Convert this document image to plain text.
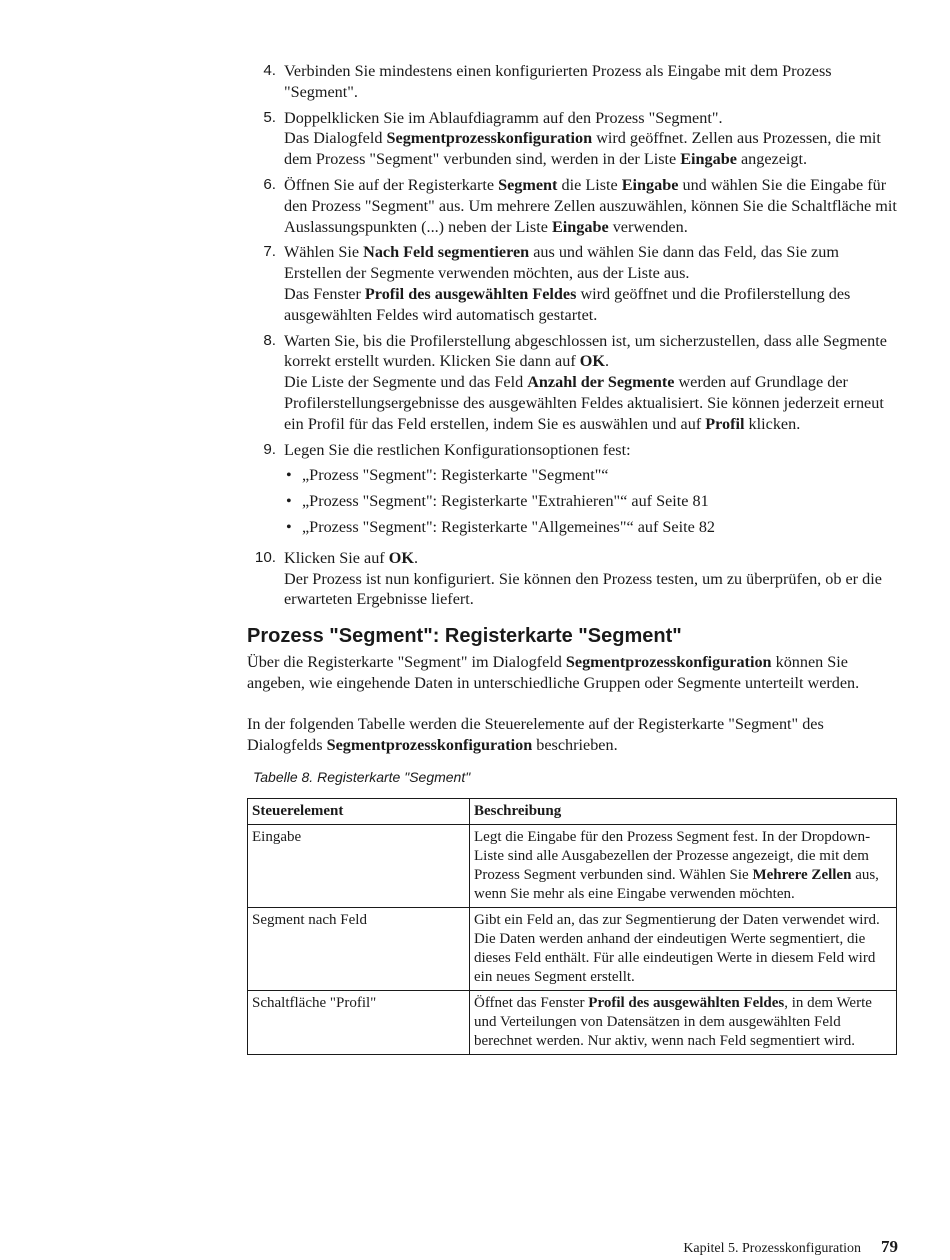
4. Verbinden Sie mindestens einen konfigurierten Prozess als Eingabe mit dem Prozess "Segment".

5. Doppelklicken Sie im Ablaufdiagramm auf den Prozess "Segment".

Das Dialogfeld Segmentprozesskonfiguration wird geöffnet. Zellen aus Prozessen, die mit dem Prozess "Segment" verbunden sind, werden in der Liste Eingabe angezeigt.

6. Öffnen Sie auf der Registerkarte Segment die Liste Eingabe und wählen Sie die Eingabe für den Prozess "Segment" aus. Um mehrere Zellen auszuwählen, können Sie die Schaltfläche mit Auslassungspunkten (...) neben der Liste Eingabe verwenden.

7. Wählen Sie Nach Feld segmentieren aus und wählen Sie dann das Feld, das Sie zum Erstellen der Segmente verwenden möchten, aus der Liste aus.

Das Fenster Profil des ausgewählten Feldes wird geöffnet und die Profilerstellung des ausgewählten Feldes wird automatisch gestartet.

8. Warten Sie, bis die Profilerstellung abgeschlossen ist, um sicherzustellen, dass alle Segmente korrekt erstellt wurden. Klicken Sie dann auf OK.

Die Liste der Segmente und das Feld Anzahl der Segmente werden auf Grundlage der Profilerstellungsergebnisse des ausgewählten Feldes aktualisiert. Sie können jederzeit erneut ein Profil für das Feld erstellen, indem Sie es auswählen und auf Profil klicken.

9. Legen Sie die restlichen Konfigurationsoptionen fest:

• „Prozess "Segment": Registerkarte "Segment"“
• „Prozess "Segment": Registerkarte "Extrahieren"“ auf Seite 81
• „Prozess "Segment": Registerkarte "Allgemeines"“ auf Seite 82
10. Klicken Sie auf OK.

Der Prozess ist nun konfiguriert. Sie können den Prozess testen, um zu überprüfen, ob er die erwarteten Ergebnisse liefert.

Prozess "Segment": Registerkarte "Segment"

Über die Registerkarte "Segment" im Dialogfeld Segmentprozesskonfiguration können Sie angeben, wie eingehende Daten in unterschiedliche Gruppen oder Segmente unterteilt werden.

In der folgenden Tabelle werden die Steuerelemente auf der Registerkarte "Segment" des Dialogfelds Segmentprozesskonfiguration beschrieben.

Tabelle 8. Registerkarte "Segment"
Steuerelement	Beschreibung
Eingabe	Legt die Eingabe für den Prozess Segment fest. In der Dropdown-Liste sind alle Ausgabezellen der Prozesse angezeigt, die mit dem Prozess Segment verbunden sind. Wählen Sie Mehrere Zellen aus, wenn Sie mehr als eine Eingabe verwenden möchten.
Segment nach Feld	Gibt ein Feld an, das zur Segmentierung der Daten verwendet wird. Die Daten werden anhand der eindeutigen Werte segmentiert, die dieses Feld enthält. Für alle eindeutigen Werte in diesem Feld wird ein neues Segment erstellt.
Schaltfläche "Profil"	Öffnet das Fenster Profil des ausgewählten Feldes, in dem Werte und Verteilungen von Datensätzen in dem ausgewählten Feld berechnet werden. Nur aktiv, wenn nach Feld segmentiert wird.
Kapitel 5. Prozesskonfiguration 79
